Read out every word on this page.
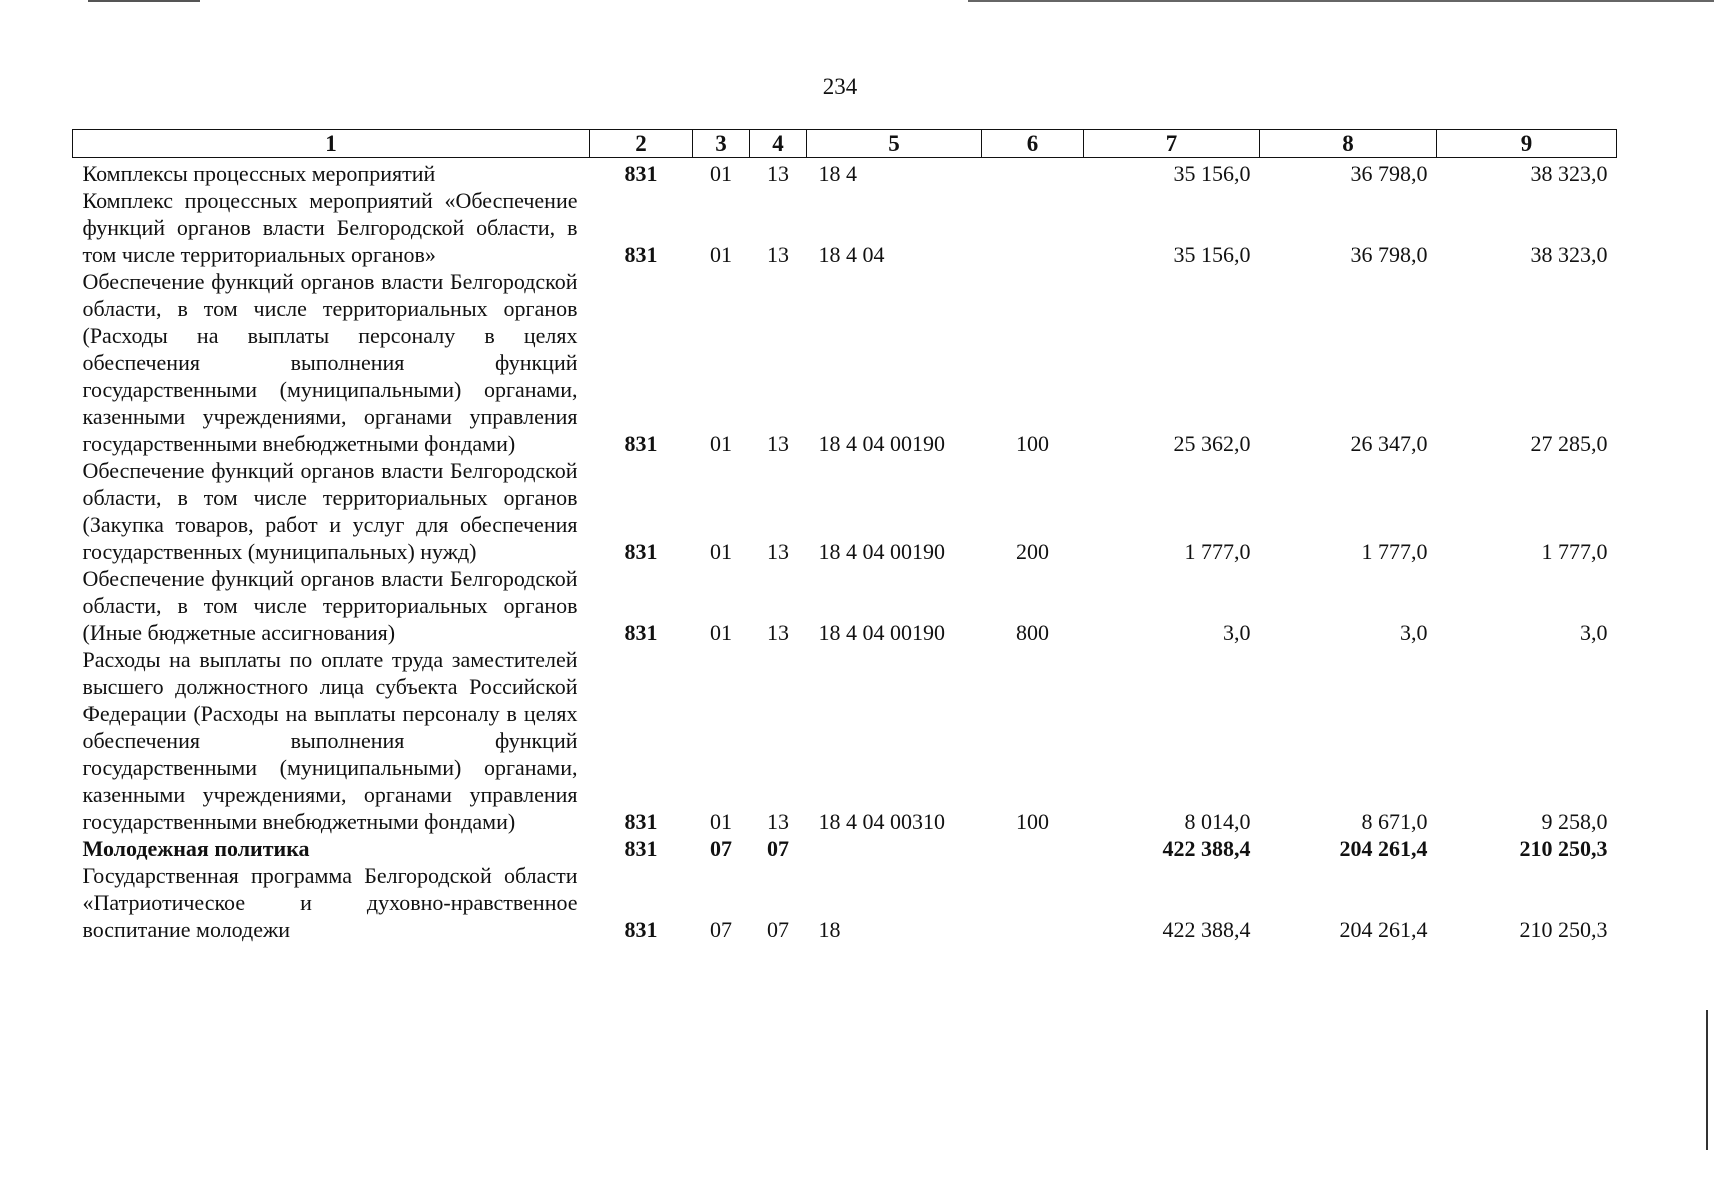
234
1	2	3	4	5	6	7	8	9
Комплексы процессных мероприятий	831	01	13	18 4		35 156,0	36 798,0	38 323,0
Комплекс процессных мероприятий «Обеспечение функций органов власти Белгородской области, в том числе территориальных органов»	831	01	13	18 4 04		35 156,0	36 798,0	38 323,0
Обеспечение функций органов власти Белгородской области, в том числе территориальных органов (Расходы на выплаты персоналу в целях обеспечения выполнения функций государственными (муниципальными) органами, казенными учреждениями, органами управления государственными внебюджетными фондами)	831	01	13	18 4 04 00190	100	25 362,0	26 347,0	27 285,0
Обеспечение функций органов власти Белгородской области, в том числе территориальных органов (Закупка товаров, работ и услуг для обеспечения государственных (муниципальных) нужд)	831	01	13	18 4 04 00190	200	1 777,0	1 777,0	1 777,0
Обеспечение функций органов власти Белгородской области, в том числе территориальных органов (Иные бюджетные ассигнования)	831	01	13	18 4 04 00190	800	3,0	3,0	3,0
Расходы на выплаты по оплате труда заместителей высшего должностного лица субъекта Российской Федерации (Расходы на выплаты персоналу в целях обеспечения выполнения функций государственными (муниципальными) органами, казенными учреждениями, органами управления государственными внебюджетными фондами)	831	01	13	18 4 04 00310	100	8 014,0	8 671,0	9 258,0
Молодежная политика	831	07	07			422 388,4	204 261,4	210 250,3
Государственная программа Белгородской области «Патриотическое и духовно-нравственное воспитание молодежи	831	07	07	18		422 388,4	204 261,4	210 250,3
